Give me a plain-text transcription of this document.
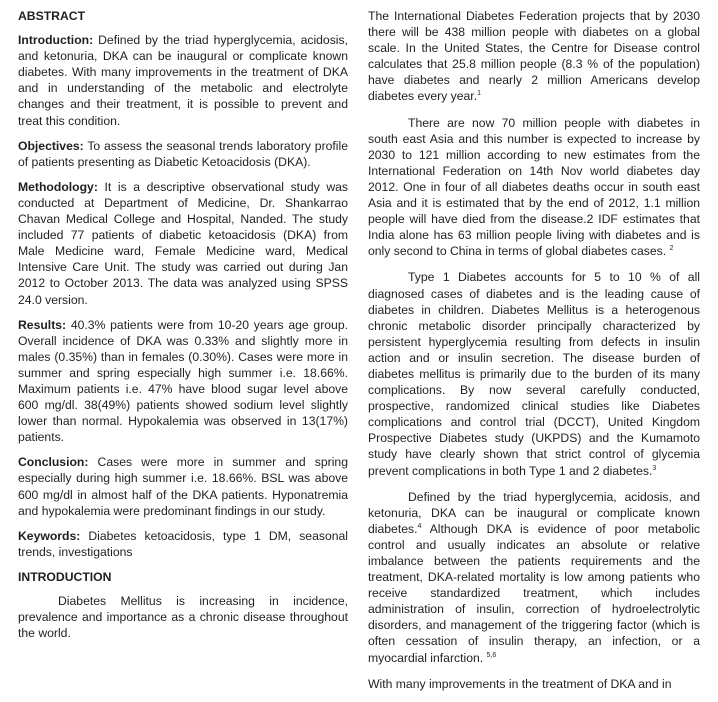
ABSTRACT

Introduction: Defined by the triad hyperglycemia, acidosis, and ketonuria, DKA can be inaugural or complicate known diabetes. With many improvements in the treatment of DKA and in understanding of the metabolic and electrolyte changes and their treatment, it is possible to prevent and treat this condition.

Objectives: To assess the seasonal trends laboratory profile of patients presenting as Diabetic Ketoacidosis (DKA).

Methodology: It is a descriptive observational study was conducted at Department of Medicine, Dr. Shankarrao Chavan Medical College and Hospital, Nanded. The study included 77 patients of diabetic ketoacidosis (DKA) from Male Medicine ward, Female Medicine ward, Medical Intensive Care Unit. The study was carried out during Jan 2012 to October 2013. The data was analyzed using SPSS 24.0 version.

Results: 40.3% patients were from 10-20 years age group. Overall incidence of DKA was 0.33% and slightly more in males (0.35%) than in females (0.30%). Cases were more in summer and spring especially high summer i.e. 18.66%. Maximum patients i.e. 47% have blood sugar level above 600 mg/dl. 38(49%) patients showed sodium level slightly lower than normal. Hypokalemia was observed in 13(17%) patients.

Conclusion: Cases were more in summer and spring especially during high summer i.e. 18.66%. BSL was above 600 mg/dl in almost half of the DKA patients. Hyponatremia and hypokalemia were predominant findings in our study.

Keywords: Diabetes ketoacidosis, type 1 DM, seasonal trends, investigations

INTRODUCTION

Diabetes Mellitus is increasing in incidence, prevalence and importance as a chronic disease throughout the world.

The International Diabetes Federation projects that by 2030 there will be 438 million people with diabetes on a global scale. In the United States, the Centre for Disease control calculates that 25.8 million people (8.3 % of the population) have diabetes and nearly 2 million Americans develop diabetes every year.$^1$

There are now 70 million people with diabetes in south east Asia and this number is expected to increase by 2030 to 121 million according to new estimates from the International Federation on 14th Nov world diabetes day 2012. One in four of all diabetes deaths occur in south east Asia and it is estimated that by the end of 2012, 1.1 million people will have died from the disease.2 IDF estimates that India alone has 63 million people living with diabetes and is only second to China in terms of global diabetes cases. $^2$

Type 1 Diabetes accounts for 5 to 10 % of all diagnosed cases of diabetes and is the leading cause of diabetes in children. Diabetes Mellitus is a heterogenous chronic metabolic disorder principally characterized by persistent hyperglycemia resulting from defects in insulin action and or insulin secretion. The disease burden of diabetes mellitus is primarily due to the burden of its many complications. By now several carefully conducted, prospective, randomized clinical studies like Diabetes complications and control trial (DCCT), United Kingdom Prospective Diabetes study (UKPDS) and the Kumamoto study have clearly shown that strict control of glycemia prevent complications in both Type 1 and 2 diabetes.$^3$

Defined by the triad hyperglycemia, acidosis, and ketonuria, DKA can be inaugural or complicate known diabetes.$^4$ Although DKA is evidence of poor metabolic control and usually indicates an absolute or relative imbalance between the patients requirements and the treatment, DKA-related mortality is low among patients who receive standardized treatment, which includes administration of insulin, correction of hydroelectrolytic disorders, and management of the triggering factor (which is often cessation of insulin therapy, an infection, or a myocardial infarction. $^{5,6}$

With many improvements in the treatment of DKA and in
